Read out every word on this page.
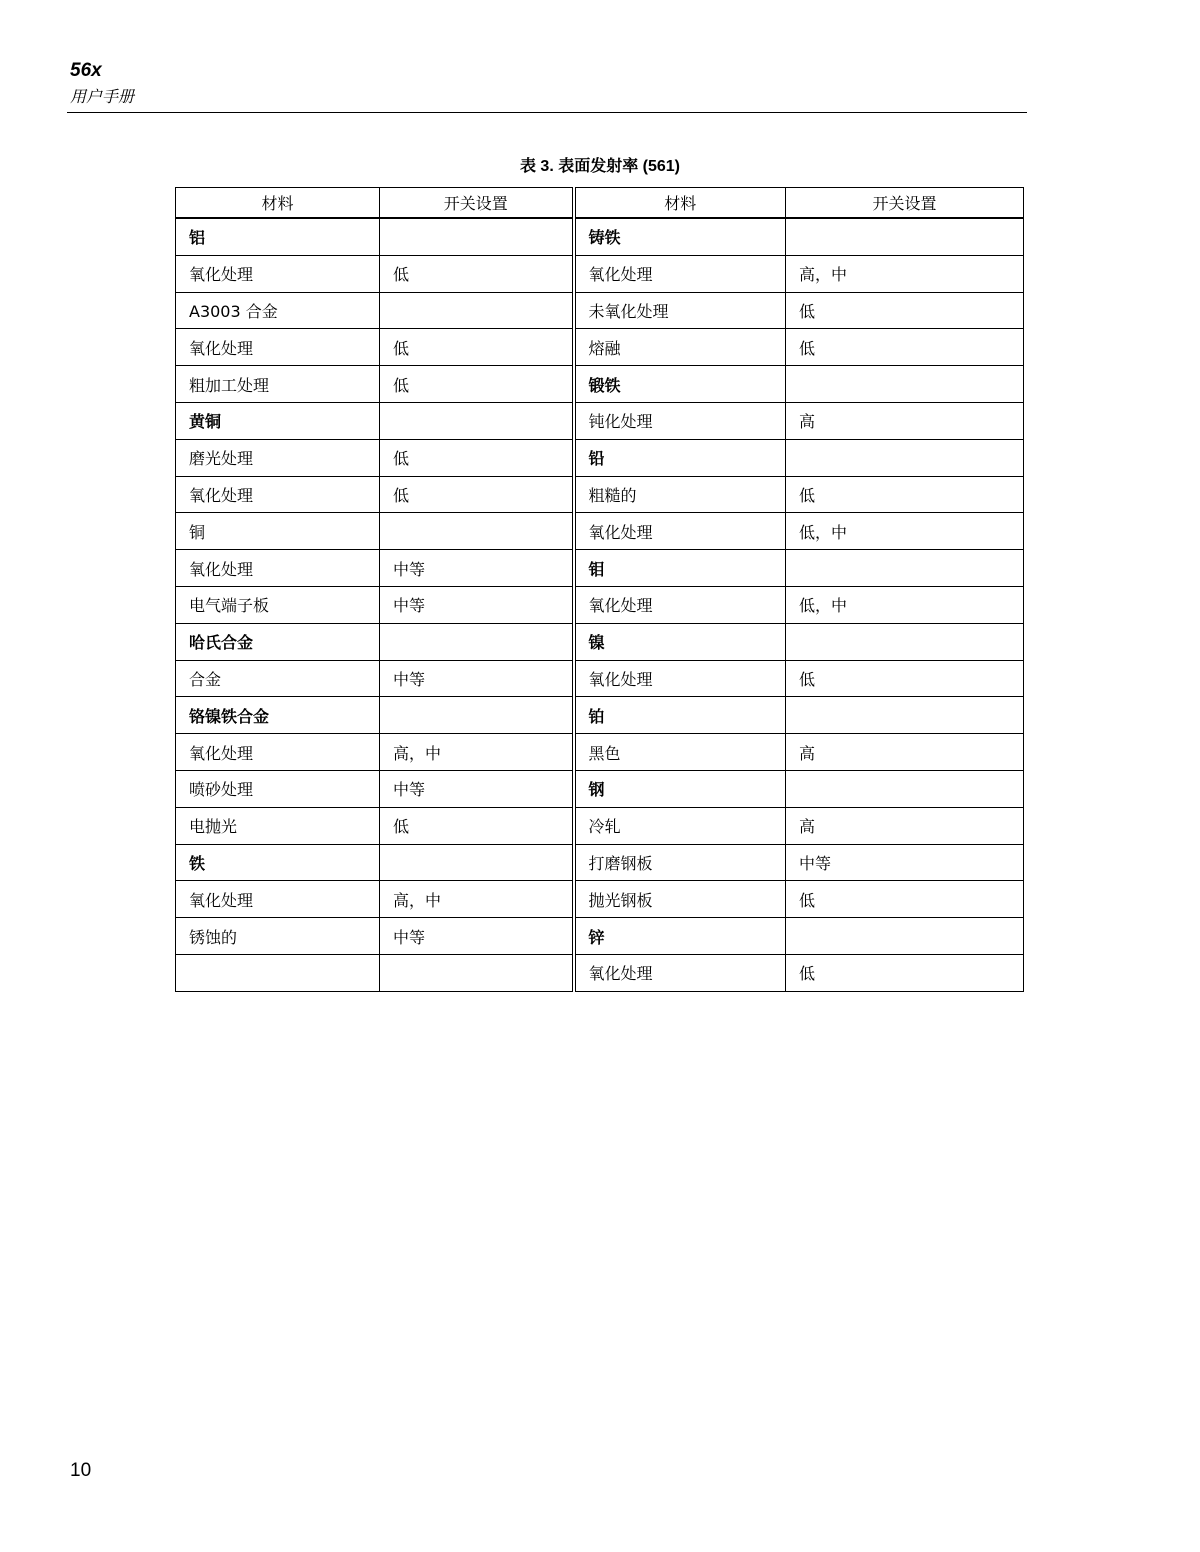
56x
用户手册
表 3. 表面发射率 (561)
材料	开关设置	材料	开关设置
铝		铸铁	
氧化处理	低	氧化处理	高，中
A3003 合金		未氧化处理	低
氧化处理	低	熔融	低
粗加工处理	低	锻铁	
黄铜		钝化处理	高
磨光处理	低	铅	
氧化处理	低	粗糙的	低
铜		氧化处理	低，中
氧化处理	中等	钼	
电气端子板	中等	氧化处理	低，中
哈氏合金		镍	
合金	中等	氧化处理	低
铬镍铁合金		铂	
氧化处理	高，中	黑色	高
喷砂处理	中等	钢	
电抛光	低	冷轧	高
铁		打磨钢板	中等
氧化处理	高，中	抛光钢板	低
锈蚀的	中等	锌	
		氧化处理	低
10
